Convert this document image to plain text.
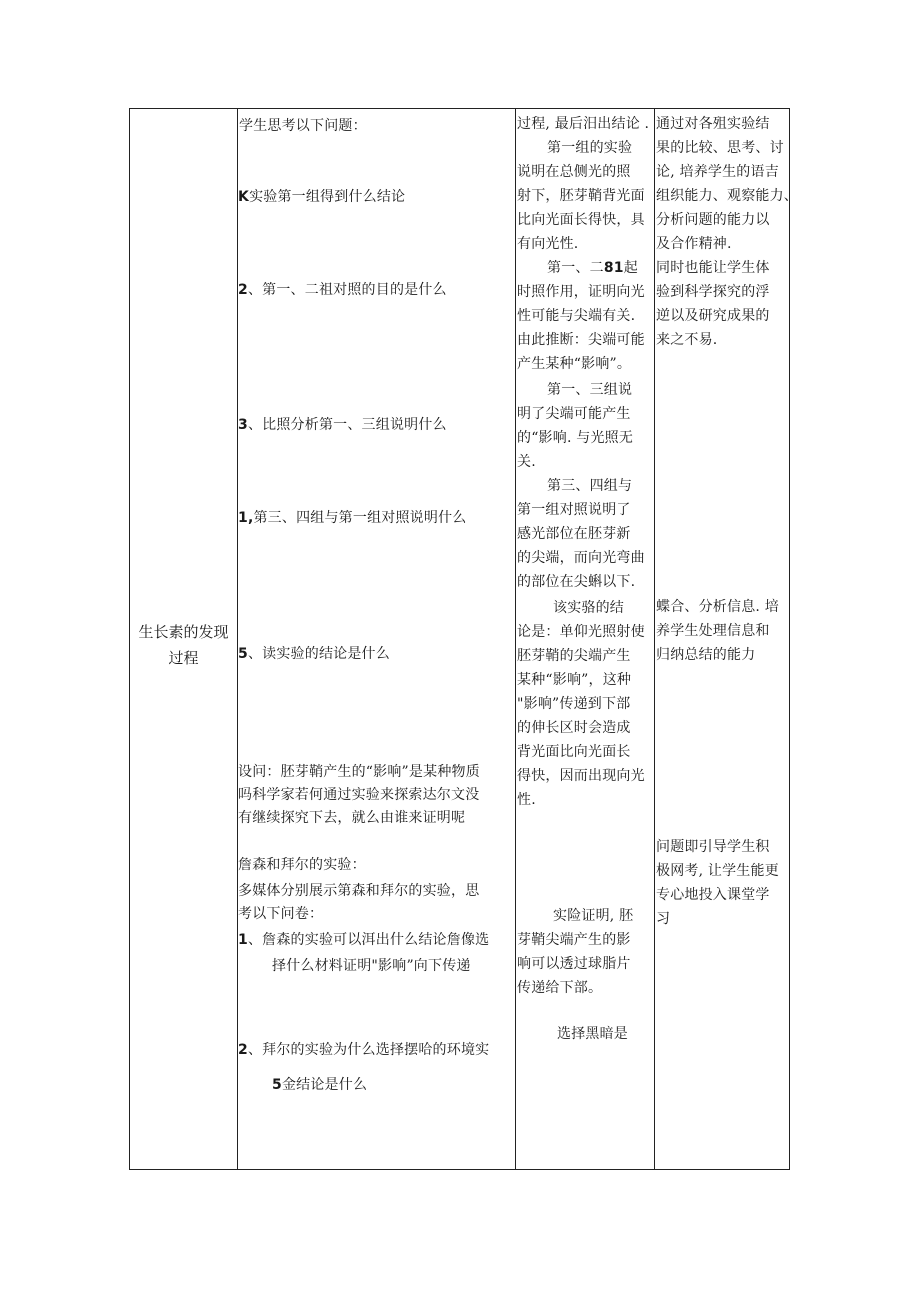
生长素的发现
过程
学生思考以下问题：
K实验第一组得到什么结论
2、第一、二祖对照的目的是什么
3、比照分析第一、三组说明什么
1,第三、四组与第一组对照说明什么
5、读实验的结论是什么
设问：胚芽鞘产生的“影响”是某种物质
吗科学家若何通过实验来探索达尔文没
有继续探究下去，就么由谁来证明呢
詹森和拜尔的实验：
多媒体分别展示第森和拜尔的实验，思
考以下问卷：
1、詹森的实验可以洱出什么结论詹像选
择什么材料证明"影响”向下传递
2、拜尔的实验为什么选择摆哈的环境实
5金结论是什么
过程, 最后汨出结论 .
第一组的实验
说明在总侧光的照
射下，胚芽鞘背光面
比向光面长得快，具
有向光性.
第一、二81起
时照作用，证明向光
性可能与尖端有关.
由此推断：尖端可能
产生某种“影响”。
第一、三组说
明了尖端可能产生
的“影响. 与光照无
关.
第三、四组与
第一组对照说明了
感光部位在胚芽新
的尖端，而向光弯曲
的部位在尖蝌以下.
该实骆的结
论是：单仰光照射使
胚芽鞘的尖端产生
某种“影响”，这种
"影响”传递到下部
的伸长区时会造成
背光面比向光面长
得快，因而出现向光
性.
实险证明, 胚
芽鞘尖端产生的影
响可以透过球脂片
传递给下部。
选择黑暗是
通过对各殂实验结
果的比较、思考、讨
论, 培养学生的语吉
组织能力、观察能力、
分析问题的能力以
及合作精神.
同时也能让学生体
验到科学探究的浮
逆以及研究成果的
来之不易.
蝶合、分析信息. 培
养学生处理信息和
归纳总结的能力
问题即引导学生积
极网考, 让学生能更
专心地投入课堂学
习
